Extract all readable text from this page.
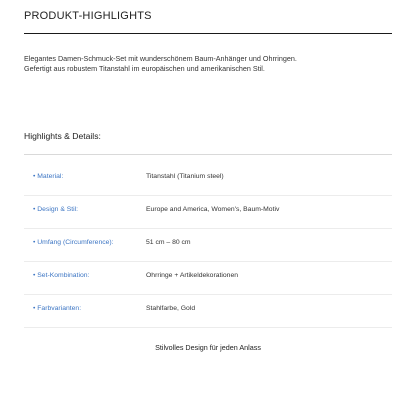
PRODUKT-HIGHLIGHTS
Elegantes Damen-Schmuck-Set mit wunderschönem Baum-Anhänger und Ohrringen.
Gefertigt aus robustem Titanstahl im europäischen und amerikanischen Stil.
Highlights & Details:
• Material:	Titanstahl (Titanium steel)
• Design & Stil:	Europe and America, Women's, Baum-Motiv
• Umfang (Circumference):	51 cm – 80 cm
• Set-Kombination:	Ohrringe + Artikeldekorationen
• Farbvarianten:	Stahlfarbe, Gold
Stilvolles Design für jeden Anlass
